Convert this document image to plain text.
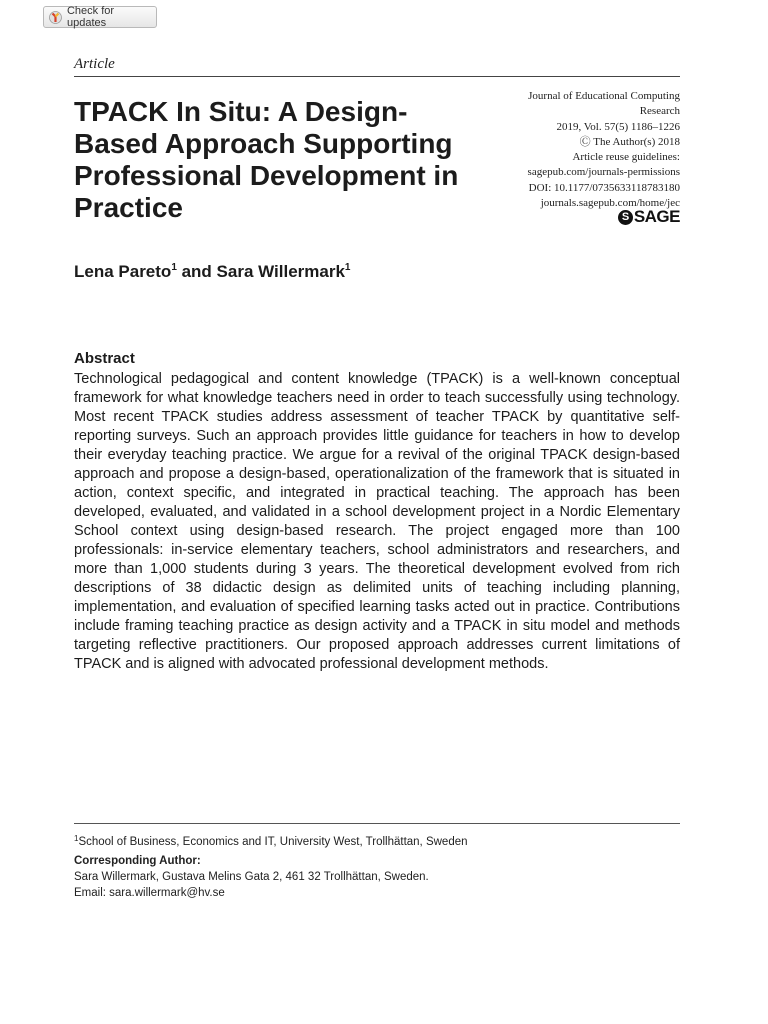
Check for updates
Article
TPACK In Situ: A Design-Based Approach Supporting Professional Development in Practice
Journal of Educational Computing
Research
2019, Vol. 57(5) 1186–1226
Ⓒ The Author(s) 2018
Article reuse guidelines:
sagepub.com/journals-permissions
DOI: 10.1177/0735633118783180
journals.sagepub.com/home/jec
S SAGE
Lena Pareto$^1$ and Sara Willermark$^1$
Abstract

Technological pedagogical and content knowledge (TPACK) is a well-known conceptual framework for what knowledge teachers need in order to teach successfully using technology. Most recent TPACK studies address assessment of teacher TPACK by quantitative self-reporting surveys. Such an approach provides little guidance for teachers in how to develop their everyday teaching practice. We argue for a revival of the original TPACK design-based approach and propose a design-based, operationalization of the framework that is situated in action, context specific, and integrated in practical teaching. The approach has been developed, evaluated, and validated in a school development project in a Nordic Elementary School context using design-based research. The project engaged more than 100 professionals: in-service elementary teachers, school administrators and researchers, and more than 1,000 students during 3 years. The theoretical development evolved from rich descriptions of 38 didactic design as delimited units of teaching including planning, implementation, and evaluation of specified learning tasks acted out in practice. Contributions include framing teaching practice as design activity and a TPACK in situ model and methods targeting reflective practitioners. Our proposed approach addresses current limitations of TPACK and is aligned with advocated professional development methods.

$^1$School of Business, Economics and IT, University West, Trollhättan, Sweden
Corresponding Author:
Sara Willermark, Gustava Melins Gata 2, 461 32 Trollhättan, Sweden.
Email: sara.willermark@hv.se
